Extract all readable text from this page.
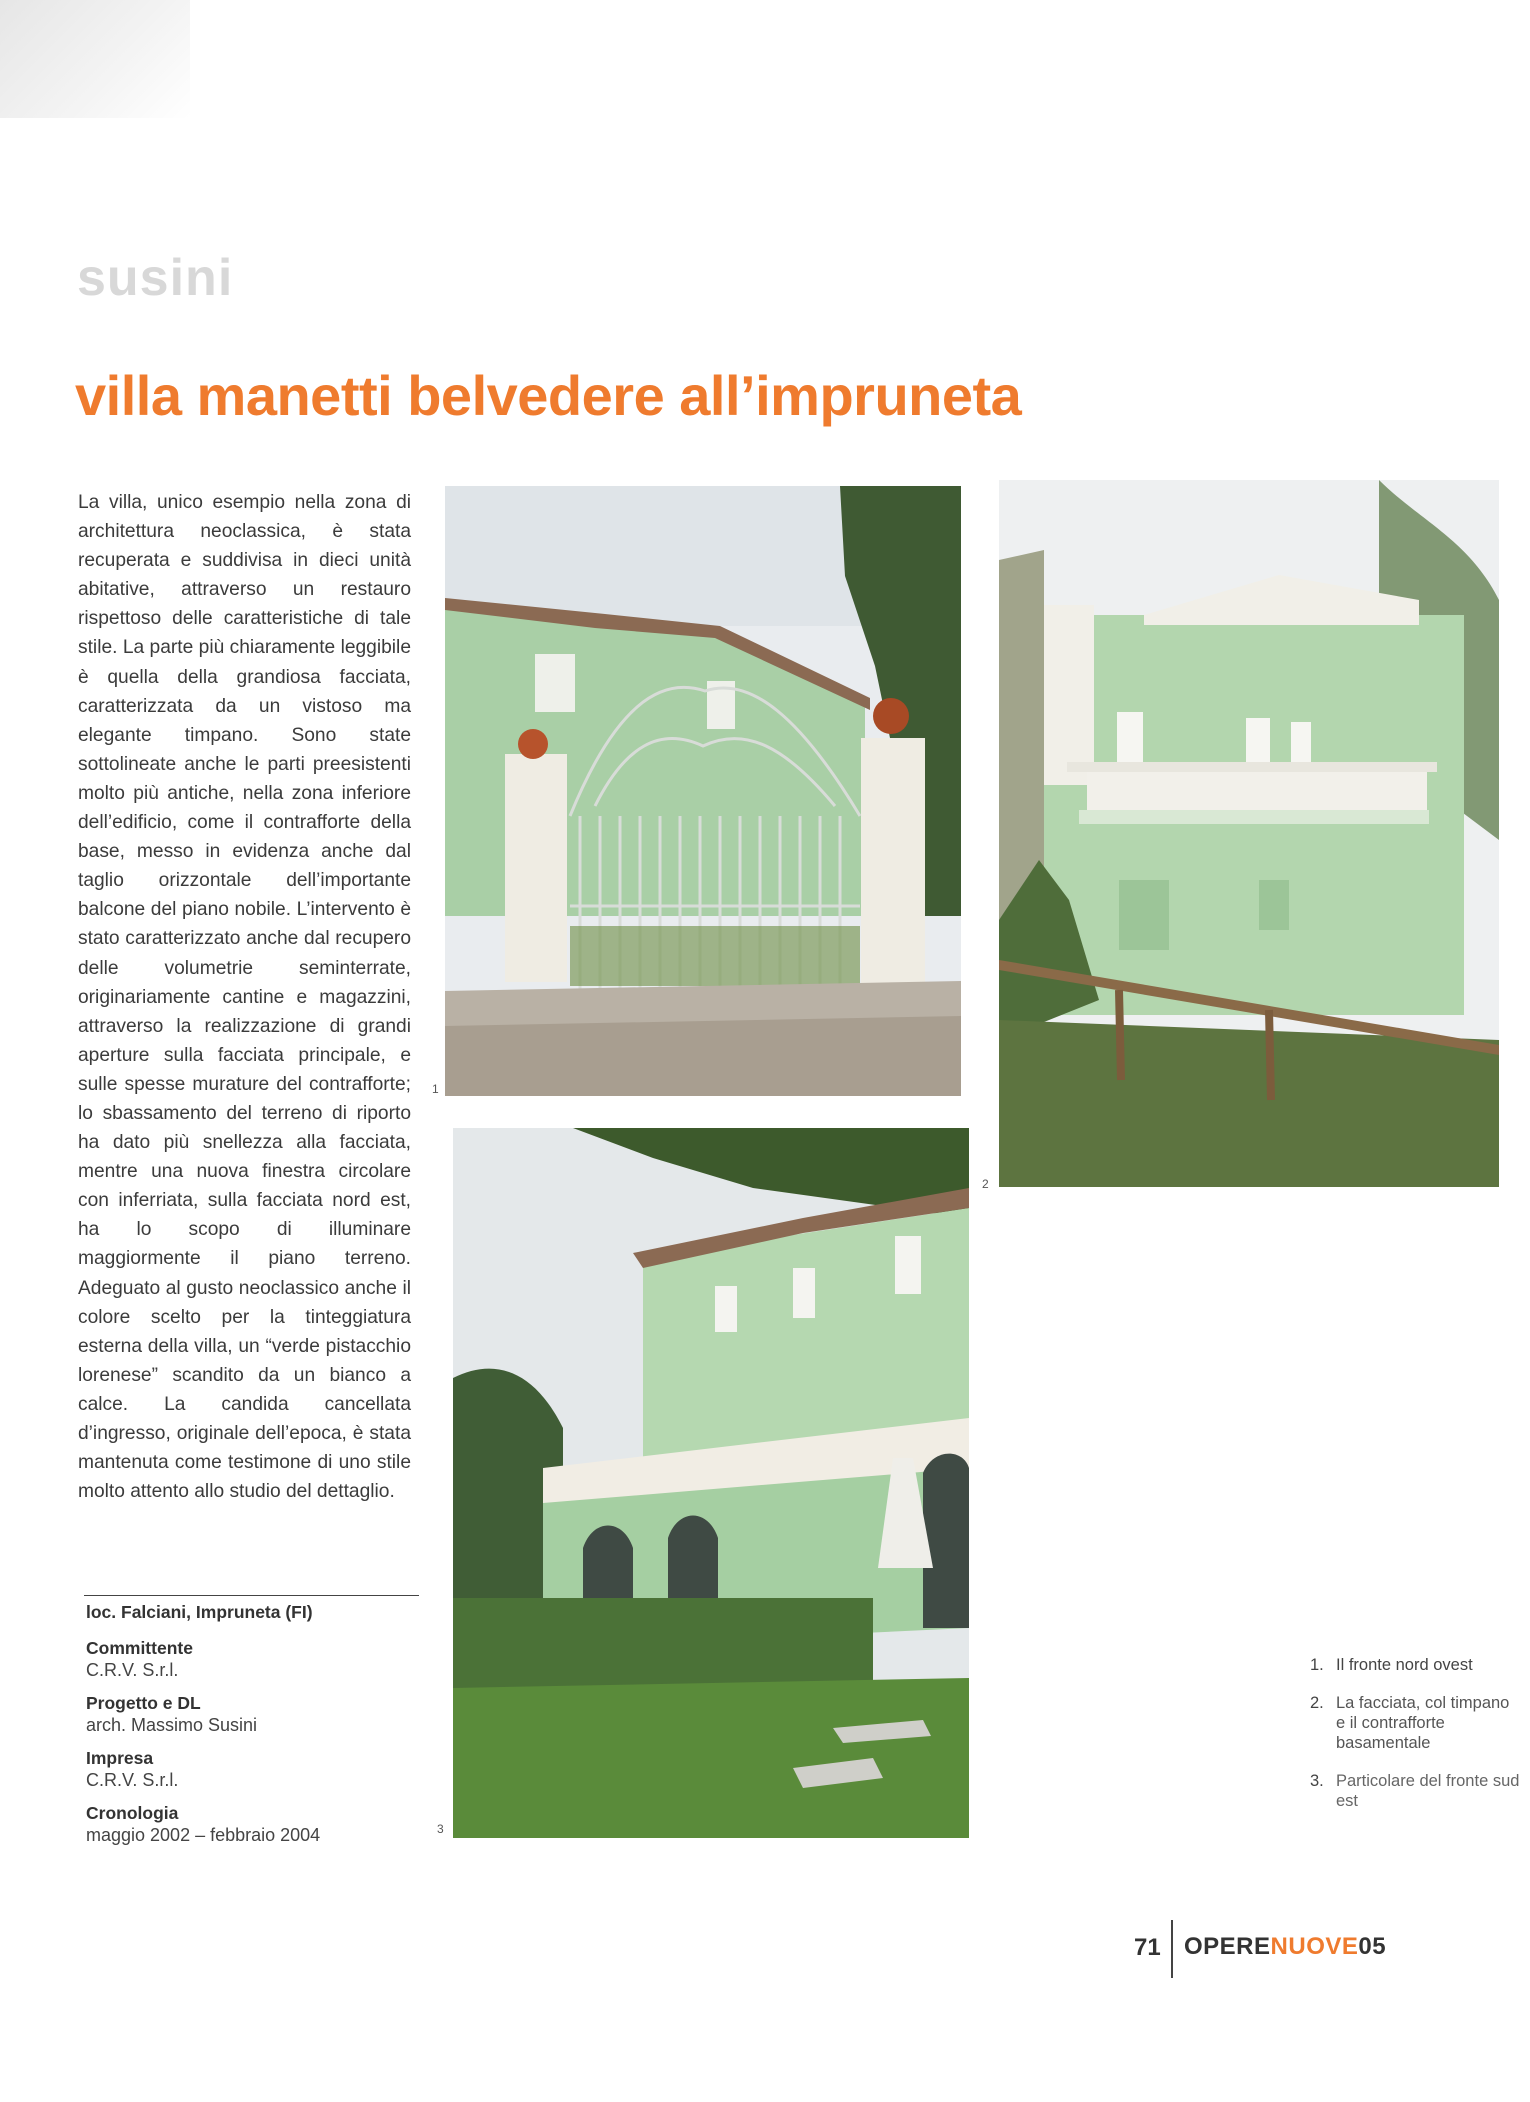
susini
villa manetti belvedere all’impruneta

La villa, unico esempio nella zona di architettura neoclassica, è stata recuperata e suddivisa in dieci unità abitative, attraverso un restauro rispettoso delle caratteristiche di tale stile. La parte più chiaramente leggibile è quella della grandiosa facciata, caratterizzata da un vistoso ma elegante timpano. Sono state sottolineate anche le parti preesistenti molto più antiche, nella zona inferiore dell’edificio, come il contrafforte della base, messo in evidenza anche dal taglio orizzontale dell’importante balcone del piano nobile. L’intervento è stato caratterizzato anche dal recupero delle volumetrie seminterrate, originariamente cantine e magazzini, attraverso la realizzazione di grandi aperture sulla facciata principale, e sulle spesse murature del contrafforte; lo sbassamento del terreno di riporto ha dato più snellezza alla facciata, mentre una nuova finestra circolare con inferriata, sulla facciata nord est, ha lo scopo di illuminare maggiormente il piano terreno. Adeguato al gusto neoclassico anche il colore scelto per la tinteggiatura esterna della villa, un “verde pistacchio lorenese” scandito da un bianco a calce. La candida cancellata d’ingresso, originale dell’epoca, è stata mantenuta come testimone di uno stile molto attento allo studio del dettaglio.

1
2
3
loc. Falciani, Impruneta (FI)
Committente
C.R.V. S.r.l.
Progetto e DL
arch. Massimo Susini
Impresa
C.R.V. S.r.l.
Cronologia
maggio 2002 – febbraio 2004
1. Il fronte nord ovest
2. La facciata, col timpano e il contrafforte basamentale
3. Particolare del fronte sud est
71 OPERENUOVE05
